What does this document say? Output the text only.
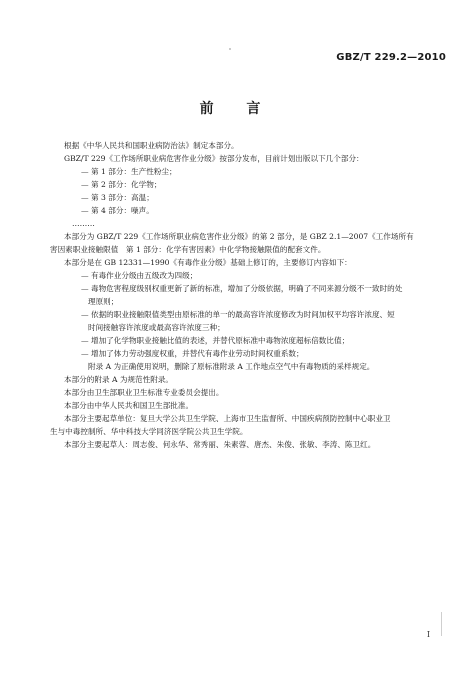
GBZ/T 229.2—2010
前 言
根据《中华人民共和国职业病防治法》制定本部分。
GBZ/T 229《工作场所职业病危害作业分级》按部分发布，目前计划出版以下几个部分：
— 第 1 部分：生产性粉尘；
— 第 2 部分：化学物；
— 第 3 部分：高温；
— 第 4 部分：噪声。
………
本部分为 GBZ/T 229《工作场所职业病危害作业分级》的第 2 部分，是 GBZ 2.1—2007《工作场所有
害因素职业接触限值　第 1 部分：化学有害因素》中化学物接触限值的配套文件。
本部分是在 GB 12331—1990《有毒作业分级》基础上修订的，主要修订内容如下：
— 有毒作业分级由五级改为四级；
— 毒物危害程度级别权重更新了新的标准，增加了分级依据，明确了不同来源分级不一致时的处
理原则；
— 依据的职业接触限值类型由原标准的单一的最高容许浓度修改为时间加权平均容许浓度、短
时间接触容许浓度或最高容许浓度三种；
— 增加了化学物职业接触比值的表述，并替代原标准中毒物浓度超标倍数比值；
— 增加了体力劳动强度权重，并替代有毒作业劳动时间权重系数；
附录 A 为正确使用说明，删除了原标准附录 A 工作地点空气中有毒物质的采样规定。
本部分的附录 A 为规范性附录。
本部分由卫生部职业卫生标准专业委员会提出。
本部分由中华人民共和国卫生部批准。
本部分主要起草单位：复旦大学公共卫生学院、上海市卫生监督所、中国疾病预防控制中心职业卫
生与中毒控制所、华中科技大学同济医学院公共卫生学院。
本部分主要起草人：周志俊、何永华、常秀丽、朱素蓉、唐杰、朱俊、张敏、李涛、陈卫红。
I
